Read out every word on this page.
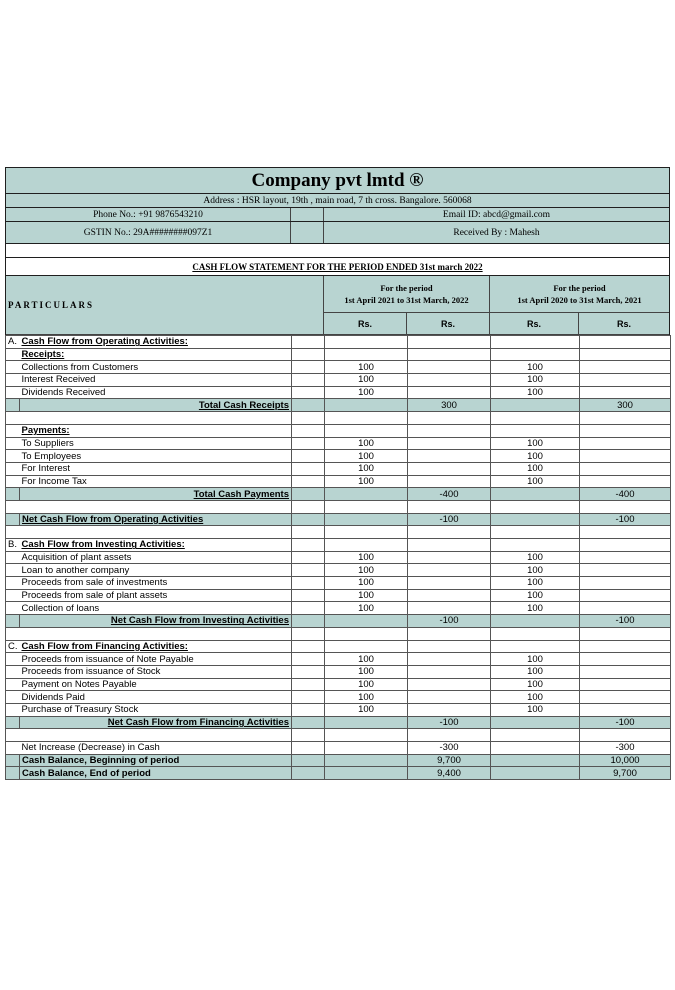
Company pvt lmtd ®
Address : HSR layout, 19th , main road, 7 th cross. Bangalore. 560068
Phone No.: +91 9876543210	Email ID: abcd@gmail.com
GSTIN No.: 29A########097Z1	Received By : Mahesh
CASH FLOW STATEMENT FOR THE PERIOD ENDED 31st march 2022
PARTICULARS
For the period
1st April 2021 to 31st March, 2022
Rs.	Rs.
For the period
1st April 2020 to 31st March, 2021
Rs.	Rs.
A.	Cash Flow from Operating Activities:					
	Receipts:					
	Collections from Customers		100		100	
	Interest Received		100		100	
	Dividends Received		100		100	
	Total Cash Receipts			300		300

	Payments:					
	To Suppliers		100		100	
	To Employees		100		100	
	For Interest		100		100	
	For Income Tax		100		100	
	Total Cash Payments			-400		-400

	Net Cash Flow from Operating Activities			-100		-100

B.	Cash Flow from Investing Activities:					
	Acquisition of plant assets		100		100	
	Loan to another company		100		100	
	Proceeds from sale of investments		100		100	
	Proceeds from sale of plant assets		100		100	
	Collection of loans		100		100	
	Net Cash Flow from Investing Activities			-100		-100

C.	Cash Flow from Financing Activities:					
	Proceeds from issuance of Note Payable		100		100	
	Proceeds from issuance of Stock		100		100	
	Payment on Notes Payable		100		100	
	Dividends Paid		100		100	
	Purchase of Treasury Stock		100		100	
	Net Cash Flow from Financing Activities			-100		-100

	Net Increase (Decrease) in Cash			-300		-300
	Cash Balance, Beginning of period			9,700		10,000
	Cash Balance, End of period			9,400		9,700
